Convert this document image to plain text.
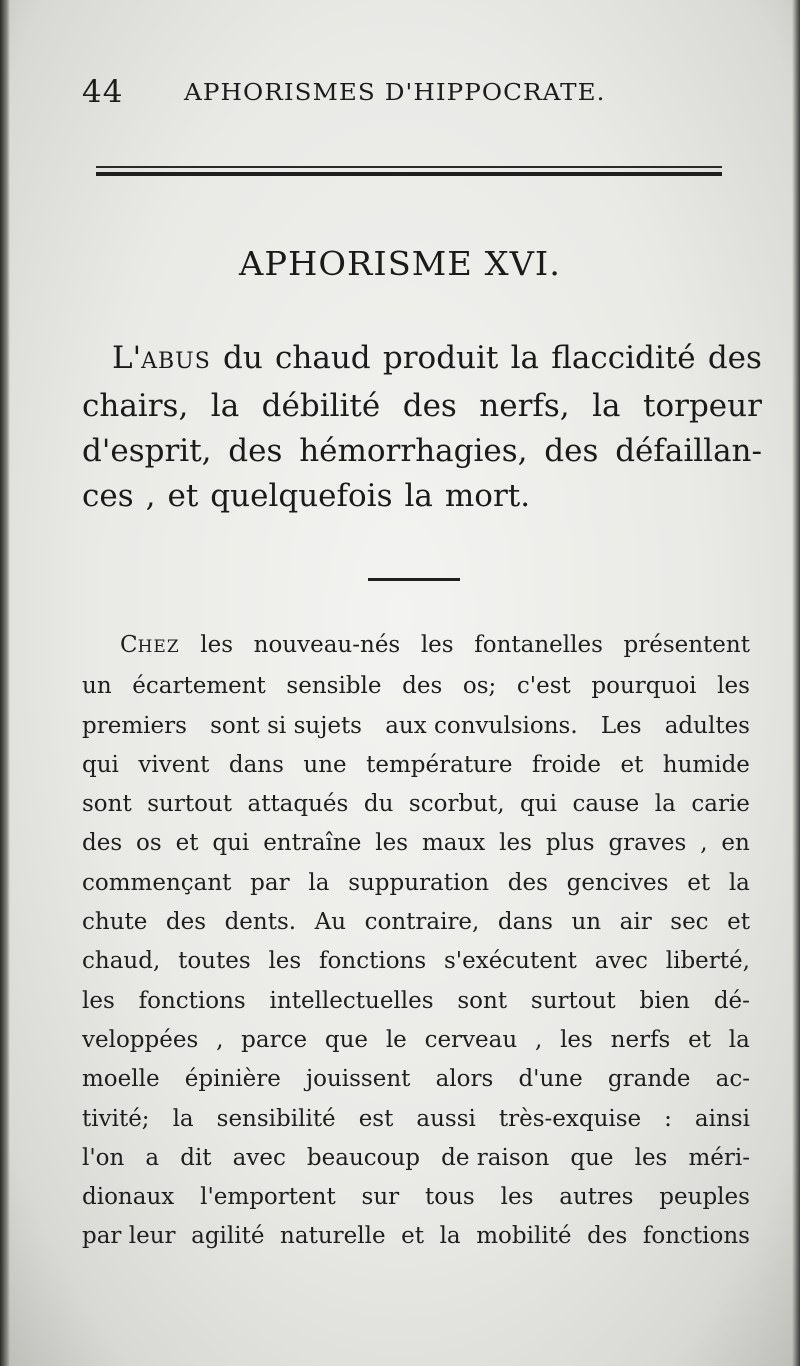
44	APHORISMES D'HIPPOCRATE.
APHORISME XVI.
L'ABUS du chaud produit la flaccidité des
chairs, la débilité des nerfs, la torpeur
d'esprit, des hémorrhagies, des défaillan-
ces , et quelquefois la mort.
CHEZ les nouveau-nés les fontanelles présentent
un écartement sensible des os; c'est pourquoi les
premiers sont si sujets aux convulsions. Les adultes
qui vivent dans une température froide et humide
sont surtout attaqués du scorbut, qui cause la carie
des os et qui entraîne les maux les plus graves , en
commençant par la suppuration des gencives et la
chute des dents. Au contraire, dans un air sec et
chaud, toutes les fonctions s'exécutent avec liberté,
les fonctions intellectuelles sont surtout bien dé-
veloppées , parce que le cerveau , les nerfs et la
moelle épinière jouissent alors d'une grande ac-
tivité; la sensibilité est aussi très-exquise : ainsi
l'on a dit avec beaucoup de raison que les méri-
dionaux l'emportent sur tous les autres peuples
par leur agilité naturelle et la mobilité des fonctions
